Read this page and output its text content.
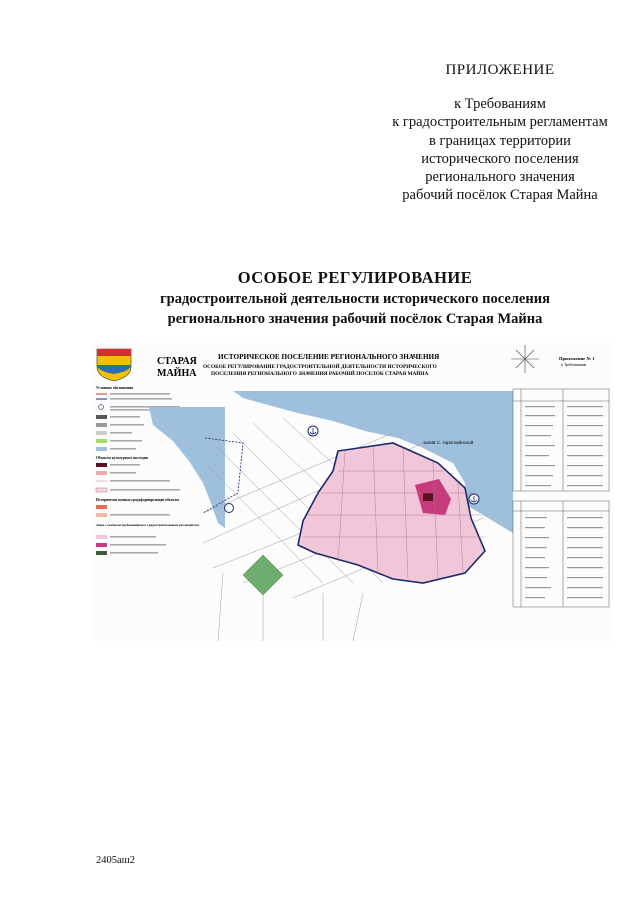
ПРИЛОЖЕНИЕ
к Требованиям
к градостроительным регламентам
в границах территории
исторического поселения
регионального значения
рабочий посёлок Старая Майна
ОСОБОЕ РЕГУЛИРОВАНИЕ
градостроительной деятельности исторического поселения
регионального значения рабочий посёлок Старая Майна
СТАРАЯ
МАЙНА
ИСТОРИЧЕСКОЕ ПОСЕЛЕНИЕ РЕГИОНАЛЬНОГО ЗНАЧЕНИЯ
ОСОБОЕ РЕГУЛИРОВАНИЕ ГРАДОСТРОИТЕЛЬНОЙ ДЕЯТЕЛЬНОСТИ ИСТОРИЧЕСКОГО
ПОСЕЛЕНИЯ РЕГИОНАЛЬНОГО ЗНАЧЕНИЯ РАБОЧИЙ ПОСЕЛОК СТАРАЯ МАЙНА
Условные обозначения
Объекты культурного наследия
Исторически ценные градоформирующие объекты
Зоны с особыми требованиями к градостроительным регламентам
залив С. тарогкайнской
Приложение № 1
к Требованиям
2405аш2
